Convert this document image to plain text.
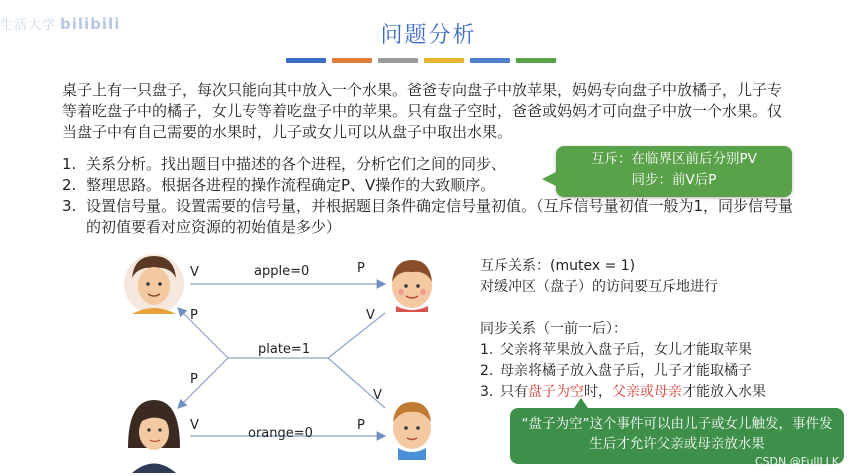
生活大学 bilibili	问题分析
桌子上有一只盘子，每次只能向其中放入一个水果。爸爸专向盘子中放苹果，妈妈专向盘子中放橘子，儿子专等着吃盘子中的橘子，女儿专等着吃盘子中的苹果。只有盘子空时，爸爸或妈妈才可向盘子中放一个水果。仅当盘子中有自己需要的水果时，儿子或女儿可以从盘子中取出水果。
1. 关系分析。找出题目中描述的各个进程，分析它们之间的同步、
2. 整理思路。根据各进程的操作流程确定P、V操作的大致顺序。
3. 设置信号量。设置需要的信号量，并根据题目条件确定信号量初值。（互斥信号量初值一般为1，同步信号量的初值要看对应资源的初始值是多少）
互斥：在临界区前后分别PV
同步：前V后P
V	apple=0	P
P	V
plate=1
P
V
V
orange=0
P
互斥关系：(mutex = 1)
对缓冲区（盘子）的访问要互斥地进行
同步关系（一前一后）：
1. 父亲将苹果放入盘子后，女儿才能取苹果
2. 母亲将橘子放入盘子后，儿子才能取橘子
3. 只有盘子为空时，父亲或母亲才能放入水果
“盘子为空”这个事件可以由儿子或女儿触发，事件发生后才允许父亲或母亲放水果
CSDN @FullLLK
